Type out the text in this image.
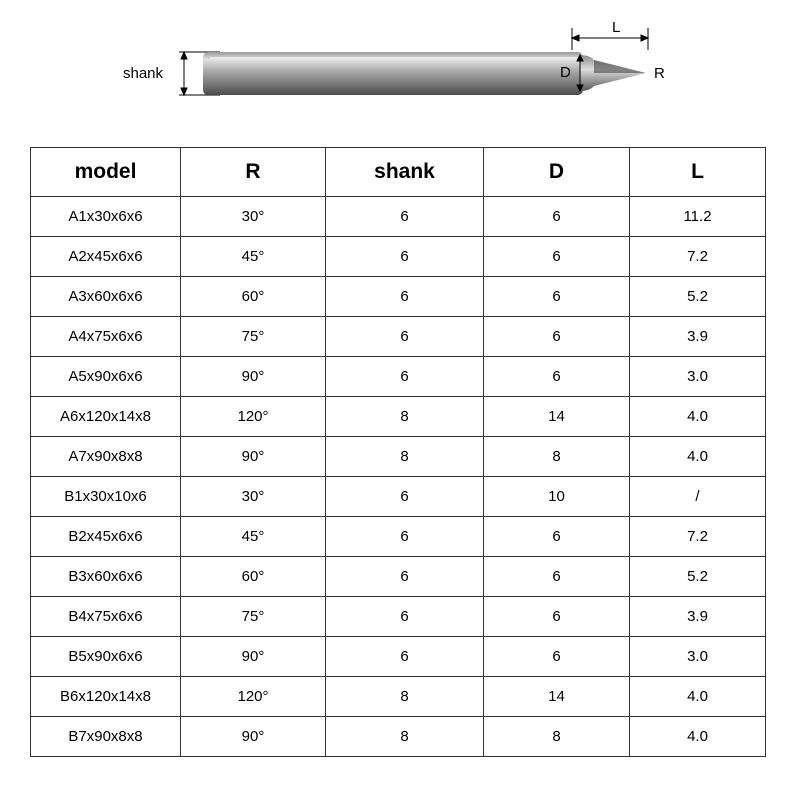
shank	D
L
R
model	R	shank	D	L
A1x30x6x6	30°	6	6	11.2
A2x45x6x6	45°	6	6	7.2
A3x60x6x6	60°	6	6	5.2
A4x75x6x6	75°	6	6	3.9
A5x90x6x6	90°	6	6	3.0
A6x120x14x8	120°	8	14	4.0
A7x90x8x8	90°	8	8	4.0
B1x30x10x6	30°	6	10	/
B2x45x6x6	45°	6	6	7.2
B3x60x6x6	60°	6	6	5.2
B4x75x6x6	75°	6	6	3.9
B5x90x6x6	90°	6	6	3.0
B6x120x14x8	120°	8	14	4.0
B7x90x8x8	90°	8	8	4.0
